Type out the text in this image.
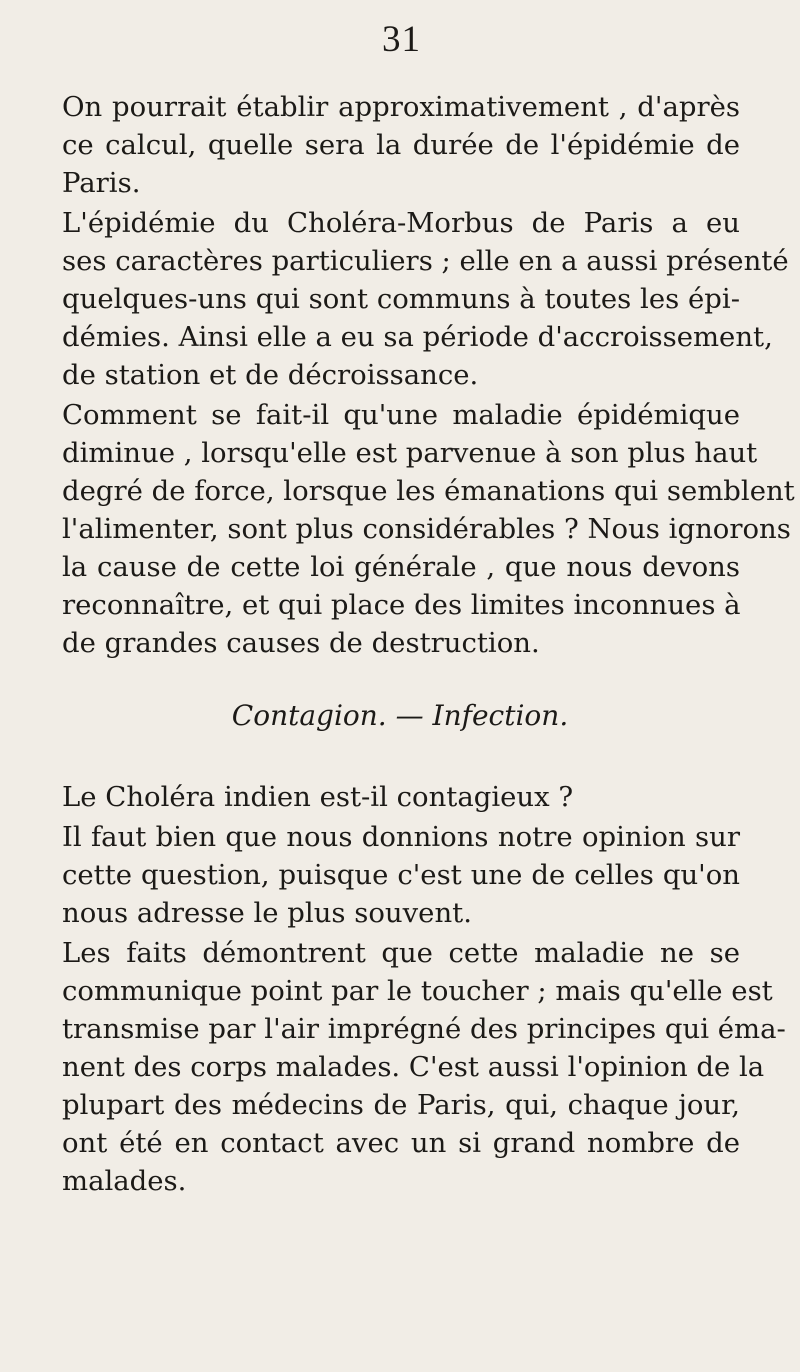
31
On pourrait établir approximativement , d'après
ce calcul, quelle sera la durée de l'épidémie de
Paris.
L'épidémie du Choléra-Morbus de Paris a eu
ses caractères particuliers ; elle en a aussi présenté
quelques-uns qui sont communs à toutes les épi-
démies. Ainsi elle a eu sa période d'accroissement,
de station et de décroissance.
Comment se fait-il qu'une maladie épidémique
diminue , lorsqu'elle est parvenue à son plus haut
degré de force, lorsque les émanations qui semblent
l'alimenter, sont plus considérables ? Nous ignorons
la cause de cette loi générale , que nous devons
reconnaître, et qui place des limites inconnues à
de grandes causes de destruction.
Contagion. — Infection.
Le Choléra indien est-il contagieux ?
Il faut bien que nous donnions notre opinion sur
cette question, puisque c'est une de celles qu'on
nous adresse le plus souvent.
Les faits démontrent que cette maladie ne se
communique point par le toucher ; mais qu'elle est
transmise par l'air imprégné des principes qui éma-
nent des corps malades. C'est aussi l'opinion de la
plupart des médecins de Paris, qui, chaque jour,
ont été en contact avec un si grand nombre de
malades.
